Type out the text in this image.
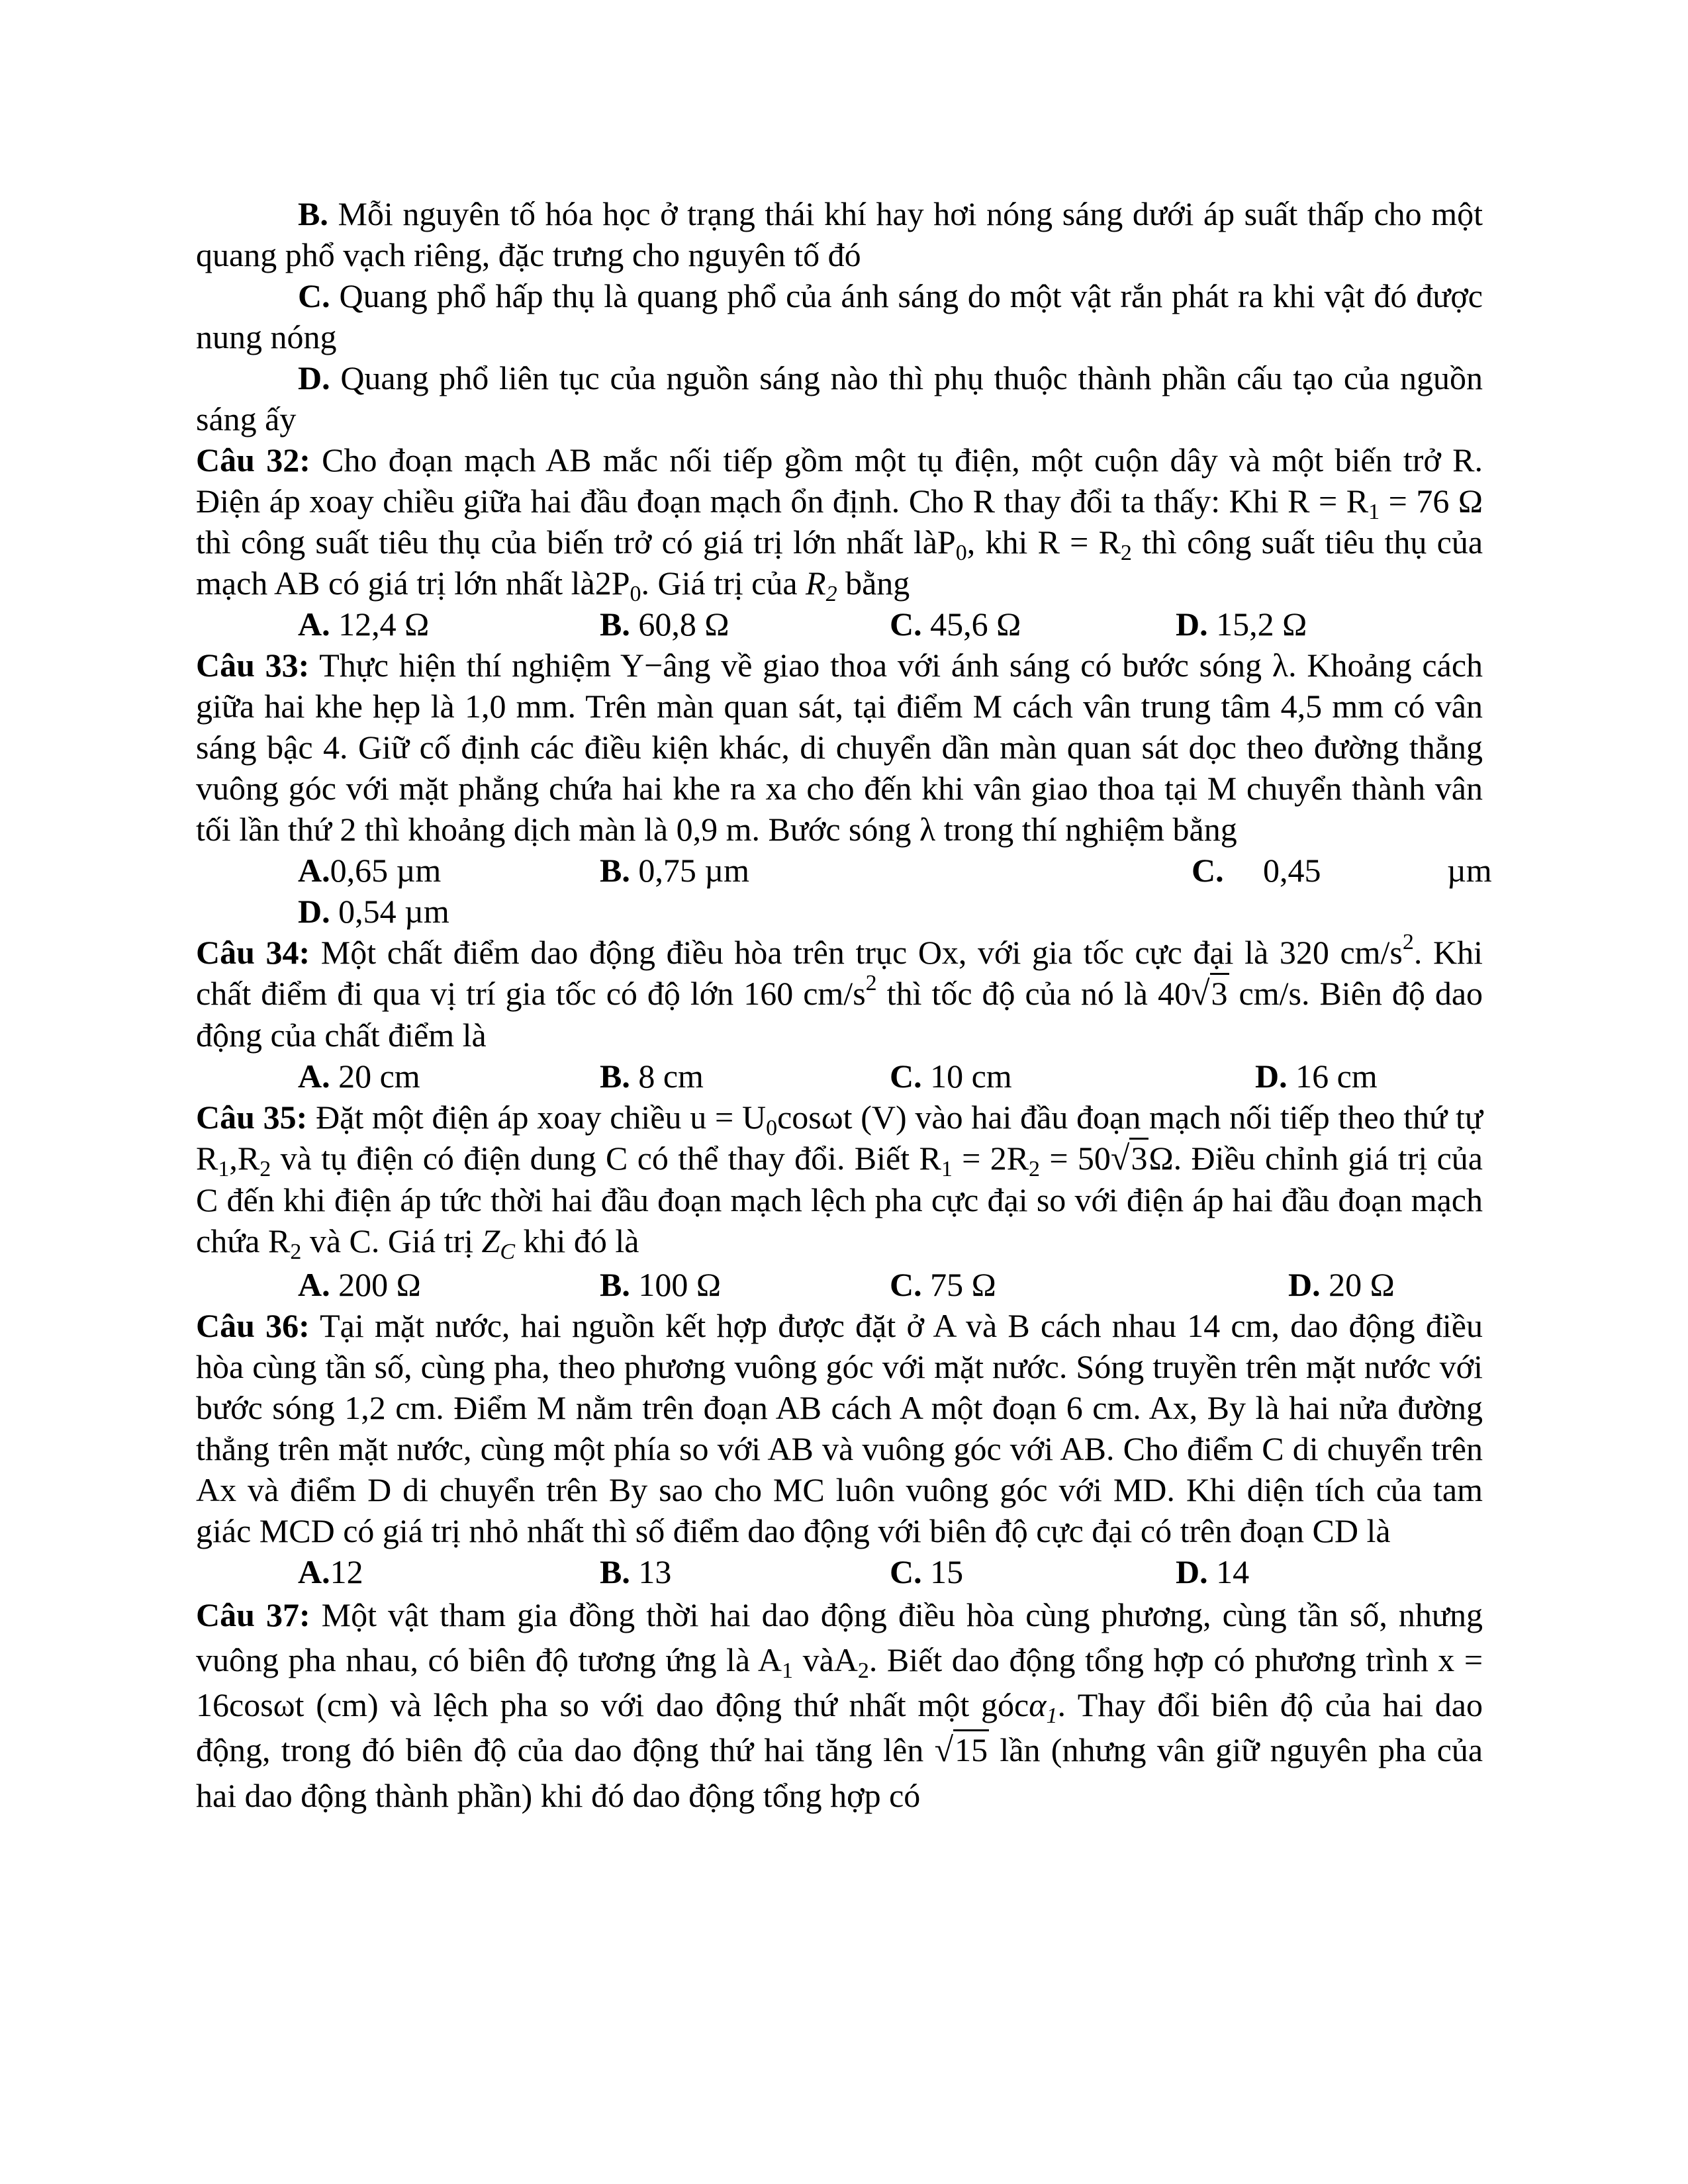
B. Mỗi nguyên tố hóa học ở trạng thái khí hay hơi nóng sáng dưới áp suất thấp cho một quang phổ vạch riêng, đặc trưng cho nguyên tố đó

C. Quang phổ hấp thụ là quang phổ của ánh sáng do một vật rắn phát ra khi vật đó được nung nóng

D. Quang phổ liên tục của nguồn sáng nào thì phụ thuộc thành phần cấu tạo của nguồn sáng ấy

Câu 32: Cho đoạn mạch AB mắc nối tiếp gồm một tụ điện, một cuộn dây và một biến trở R. Điện áp xoay chiều giữa hai đầu đoạn mạch ổn định. Cho R thay đổi ta thấy: Khi $R = R_1 = 76$ Ω thì công suất tiêu thụ của biến trở có giá trị lớn nhất làP$_0$, khi $R = R_2$ thì công suất tiêu thụ của mạch AB có giá trị lớn nhất $là2P_0$. Giá trị của $R_2$ bằng

A. 12,4 Ω	B. 60,8 Ω	C. 45,6 Ω	D. 15,2 Ω

Câu 33: Thực hiện thí nghiệm Y−âng về giao thoa với ánh sáng có bước sóng λ. Khoảng cách giữa hai khe hẹp là 1,0 mm. Trên màn quan sát, tại điểm M cách vân trung tâm 4,5 mm có vân sáng bậc 4. Giữ cố định các điều kiện khác, di chuyển dần màn quan sát dọc theo đường thẳng vuông góc với mặt phẳng chứa hai khe ra xa cho đến khi vân giao thoa tại M chuyển thành vân tối lần thứ 2 thì khoảng dịch màn là 0,9 m. Bước sóng λ trong thí nghiệm bằng

A.0,65 µm	B. 0,75 µm	C. 0,45	µm
D. 0,54 µm

Câu 34: Một chất điểm dao động điều hòa trên trục Ox, với gia tốc cực đại là 320 $cm/s^2$. Khi chất điểm đi qua vị trí gia tốc có độ lớn 160 $cm/s^2$ thì tốc độ của nó là 40√3 cm/s. Biên độ dao động của chất điểm là

A. 20 cm	B. 8 cm	C. 10 cm	D. 16 cm

Câu 35: Đặt một điện áp xoay chiều $u = U_0\cos\omega t$ (V) vào hai đầu đoạn mạch nối tiếp theo thứ tự $R_1,R_2$ và tụ điện có điện dung C có thể thay đổi. Biết $R_1 = 2R_2 = 50√3\Omega$. Điều chỉnh giá trị của C đến khi điện áp tức thời hai đầu đoạn mạch lệch pha cực đại so với điện áp hai đầu đoạn mạch chứa $R_2$ và C. Giá trị $Z_C$ khi đó là

A. 200 Ω	B. 100 Ω	C. 75 Ω	D. 20 Ω

Câu 36: Tại mặt nước, hai nguồn kết hợp được đặt ở A và B cách nhau 14 cm, dao động điều hòa cùng tần số, cùng pha, theo phương vuông góc với mặt nước. Sóng truyền trên mặt nước với bước sóng 1,2 cm. Điểm M nằm trên đoạn AB cách A một đoạn 6 cm. Ax, By là hai nửa đường thẳng trên mặt nước, cùng một phía so với AB và vuông góc với AB. Cho điểm C di chuyển trên Ax và điểm D di chuyển trên By sao cho MC luôn vuông góc với MD. Khi diện tích của tam giác MCD có giá trị nhỏ nhất thì số điểm dao động với biên độ cực đại có trên đoạn CD là

A.12	B. 13	C. 15	D. 14

Câu 37: Một vật tham gia đồng thời hai dao động điều hòa cùng phương, cùng tần số, nhưng vuông pha nhau, có biên độ tương ứng là $A_1$ vàA$_2$. Biết dao động tổng hợp có phương trình x = 16cosωt (cm) và lệch pha so với dao động thứ nhất một gócα$_1$. Thay đổi biên độ của hai dao động, trong đó biên độ của dao động thứ hai tăng lên √15 lần (nhưng vân giữ nguyên pha của hai dao động thành phần) khi đó dao động tổng hợp có
